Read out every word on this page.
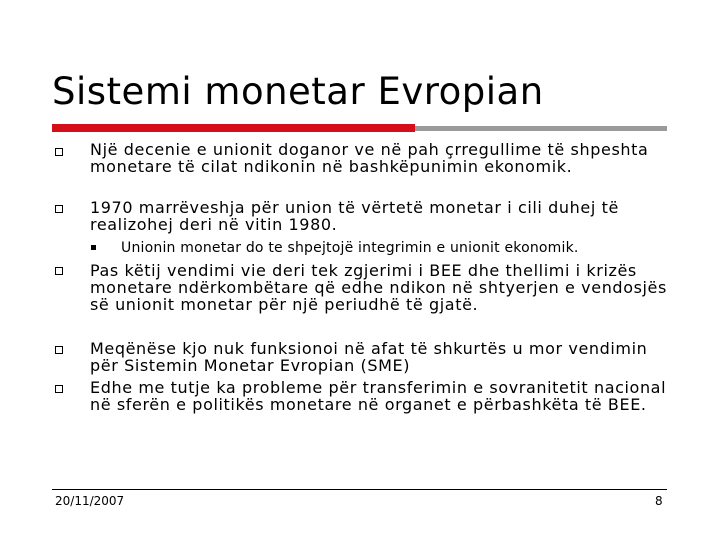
Sistemi monetar Evropian
Një decenie e unionit doganor ve në pah çrregullime të shpeshta monetare të cilat ndikonin në bashkëpunimin ekonomik.
1970 marrëveshja për union të vërtetë monetar i cili duhej të realizohej deri në vitin 1980.
Unionin monetar do te shpejtojë integrimin e unionit ekonomik.
Pas këtij vendimi vie deri tek zgjerimi i BEE dhe thellimi i krizës monetare ndërkombëtare që edhe ndikon në shtyerjen e vendosjës së unionit monetar për një periudhë të gjatë.
Meqënëse kjo nuk funksionoi në afat të shkurtës u mor vendimin për Sistemin Monetar Evropian (SME)
Edhe me tutje ka probleme për transferimin e sovranitetit nacional në sferën e politikës monetare në organet e përbashkëta të BEE.
20/11/2007	8
